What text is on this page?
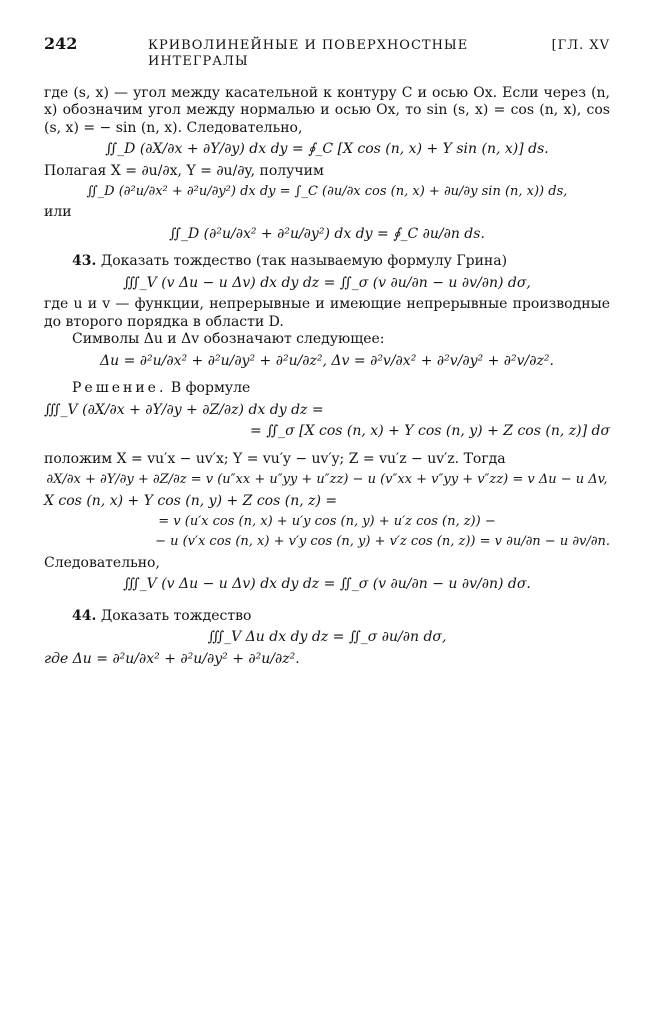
242	КРИВОЛИНЕЙНЫЕ И ПОВЕРХНОСТНЫЕ ИНТЕГРАЛЫ
[ГЛ. XV

где (s, x) — угол между касательной к контуру C и осью Ox. Если через (n, x) обозначим угол между нормалью и осью Ox, то sin (s, x) = cos (n, x), cos (s, x) = − sin (n, x). Следовательно,

∬_D (∂X/∂x + ∂Y/∂y) dx dy = ∮_C [X cos (n, x) + Y sin (n, x)] ds.

Полагая X = ∂u/∂x, Y = ∂u/∂y, получим

∬_D (∂²u/∂x² + ∂²u/∂y²) dx dy = ∫_C (∂u/∂x cos (n, x) + ∂u/∂y sin (n, x)) ds,

или

∬_D (∂²u/∂x² + ∂²u/∂y²) dx dy = ∮_C ∂u/∂n ds.

43. Доказать тождество (так называемую формулу Грина)

∭_V (v Δu − u Δv) dx dy dz = ∬_σ (v ∂u/∂n − u ∂v/∂n) dσ,

где u и v — функции, непрерывные и имеющие непрерывные производные до второго порядка в области D.

Символы Δu и Δv обозначают следующее:

Δu = ∂²u/∂x² + ∂²u/∂y² + ∂²u/∂z², Δv = ∂²v/∂x² + ∂²v/∂y² + ∂²v/∂z².

Решение. В формуле

∭_V (∂X/∂x + ∂Y/∂y + ∂Z/∂z) dx dy dz =
= ∬_σ [X cos (n, x) + Y cos (n, y) + Z cos (n, z)] dσ

положим X = vu′x − uv′x; Y = vu′y − uv′y; Z = vu′z − uv′z. Тогда

∂X/∂x + ∂Y/∂y + ∂Z/∂z = v (u″xx + u″yy + u″zz) − u (v″xx + v″yy + v″zz) = v Δu − u Δv,
X cos (n, x) + Y cos (n, y) + Z cos (n, z) =
= v (u′x cos (n, x) + u′y cos (n, y) + u′z cos (n, z)) −
− u (v′x cos (n, x) + v′y cos (n, y) + v′z cos (n, z)) = v ∂u/∂n − u ∂v/∂n.

Следовательно,

∭_V (v Δu − u Δv) dx dy dz = ∬_σ (v ∂u/∂n − u ∂v/∂n) dσ.

44. Доказать тождество

∭_V Δu dx dy dz = ∬_σ ∂u/∂n dσ,
где Δu = ∂²u/∂x² + ∂²u/∂y² + ∂²u/∂z².
